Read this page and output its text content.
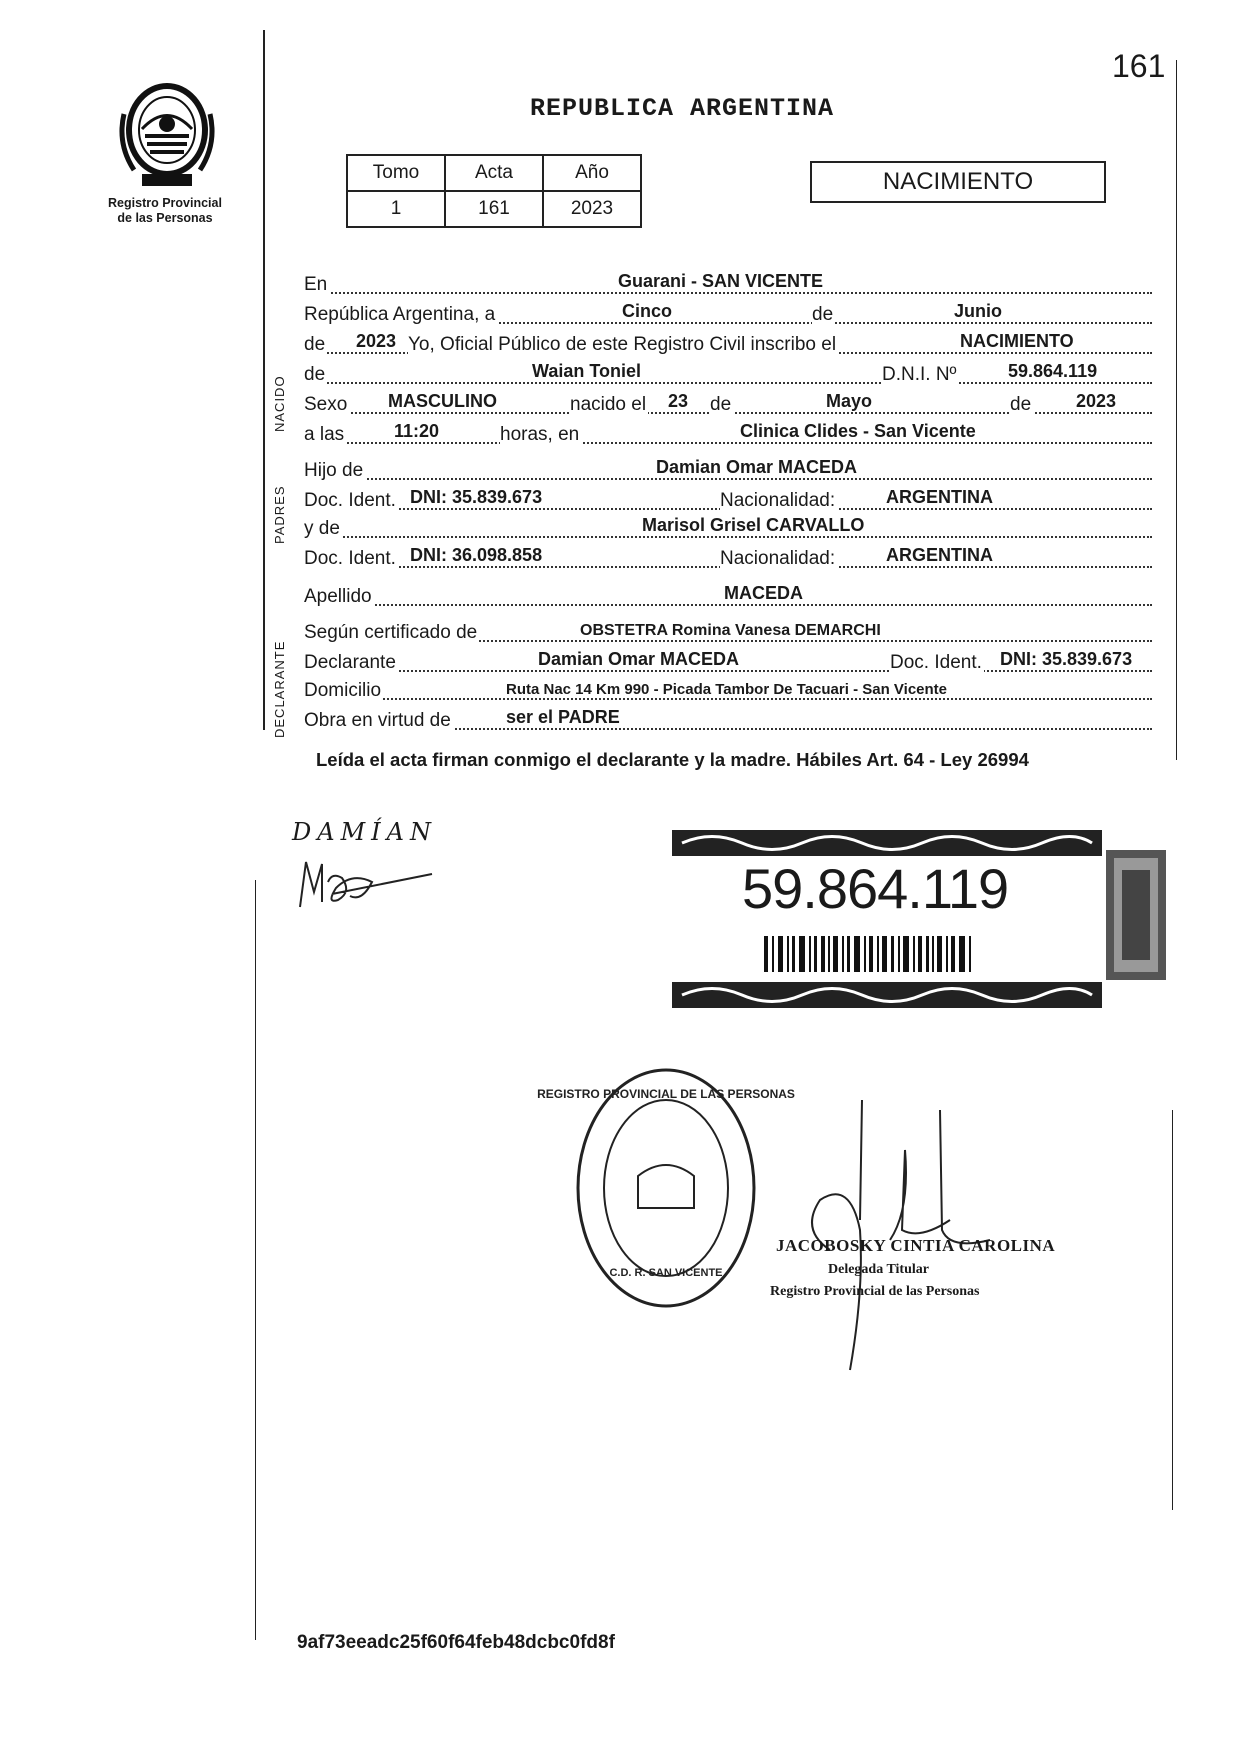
161
Registro Provincial
de las Personas
REPUBLICA ARGENTINA
Tomo	Acta	Año
1	161	2023
NACIMIENTO
En	Guarani - SAN VICENTE
República Argentina, a	Cinco	de	Junio
de 2023 Yo, Oficial Público de este Registro Civil inscribo el	NACIMIENTO
de	Waian Toniel	D.N.I. Nº	59.864.119
Sexo MASCULINO	nacido el 23 de	Mayo	de 2023
a las	11:20	horas, en	Clinica Clides - San Vicente
Hijo de	Damian Omar MACEDA
Doc. Ident. DNI: 35.839.673	Nacionalidad:	ARGENTINA
y de	Marisol Grisel CARVALLO
Doc. Ident. DNI: 36.098.858	Nacionalidad:	ARGENTINA
Apellido	MACEDA
Según certificado de	OBSTETRA Romina Vanesa DEMARCHI
Declarante	Damian Omar MACEDA	Doc. Ident. DNI: 35.839.673
Domicilio	Ruta Nac 14 Km 990 - Picada Tambor De Tacuari - San Vicente
Obra en virtud de	ser el PADRE
NACIDO
PADRES
DECLARANTE
Leída el acta firman conmigo el declarante y la madre. Hábiles Art. 64 - Ley 26994
DAMÍAN
59.864.119
REGISTRO PROVINCIAL DE LAS PERSONAS
C.D. R. SAN VICENTE
JACOBOSKY CINTIA CAROLINA
Delegada Titular
Registro Provincial de las Personas
9af73eeadc25f60f64feb48dcbc0fd8f
